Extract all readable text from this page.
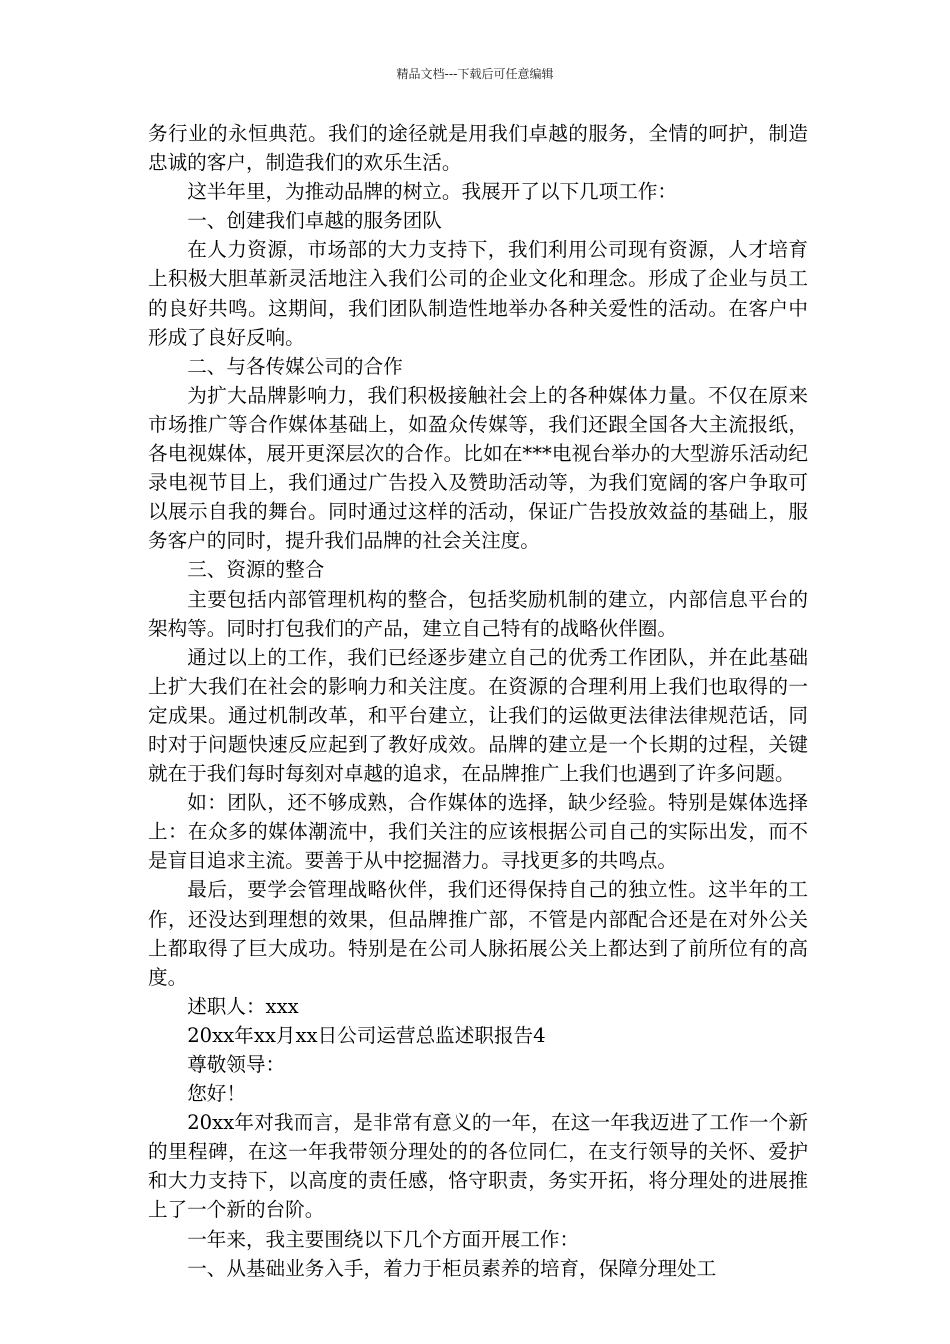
精品文档---下载后可任意编辑

务行业的永恒典范。我们的途径就是用我们卓越的服务，全情的呵护，制造忠诚的客户，制造我们的欢乐生活。

这半年里，为推动品牌的树立。我展开了以下几项工作：

一、创建我们卓越的服务团队

在人力资源，市场部的大力支持下，我们利用公司现有资源，人才培育上积极大胆革新灵活地注入我们公司的企业文化和理念。形成了企业与员工的良好共鸣。这期间，我们团队制造性地举办各种关爱性的活动。在客户中形成了良好反响。

二、与各传媒公司的合作

为扩大品牌影响力，我们积极接触社会上的各种媒体力量。不仅在原来市场推广等合作媒体基础上，如盈众传媒等，我们还跟全国各大主流报纸，各电视媒体，展开更深层次的合作。比如在***电视台举办的大型游乐活动纪录电视节目上，我们通过广告投入及赞助活动等，为我们宽阔的客户争取可以展示自我的舞台。同时通过这样的活动，保证广告投放效益的基础上，服务客户的同时，提升我们品牌的社会关注度。

三、资源的整合

主要包括内部管理机构的整合，包括奖励机制的建立，内部信息平台的架构等。同时打包我们的产品，建立自己特有的战略伙伴圈。

通过以上的工作，我们已经逐步建立自己的优秀工作团队，并在此基础上扩大我们在社会的影响力和关注度。在资源的合理利用上我们也取得的一定成果。通过机制改革，和平台建立，让我们的运做更法律法律规范话，同时对于问题快速反应起到了教好成效。品牌的建立是一个长期的过程，关键就在于我们每时每刻对卓越的追求，在品牌推广上我们也遇到了许多问题。

如：团队，还不够成熟，合作媒体的选择，缺少经验。特别是媒体选择上：在众多的媒体潮流中，我们关注的应该根据公司自己的实际出发，而不是盲目追求主流。要善于从中挖掘潜力。寻找更多的共鸣点。

最后，要学会管理战略伙伴，我们还得保持自己的独立性。这半年的工作，还没达到理想的效果，但品牌推广部，不管是内部配合还是在对外公关上都取得了巨大成功。特别是在公司人脉拓展公关上都达到了前所位有的高度。

述职人：xxx

20xx年xx月xx日公司运营总监述职报告4

尊敬领导：

您好！

20xx年对我而言，是非常有意义的一年，在这一年我迈进了工作一个新的里程碑，在这一年我带领分理处的的各位同仁，在支行领导的关怀、爱护和大力支持下，以高度的责任感，恪守职责，务实开拓，将分理处的进展推上了一个新的台阶。

一年来，我主要围绕以下几个方面开展工作：

一、从基础业务入手，着力于柜员素养的培育，保障分理处工
